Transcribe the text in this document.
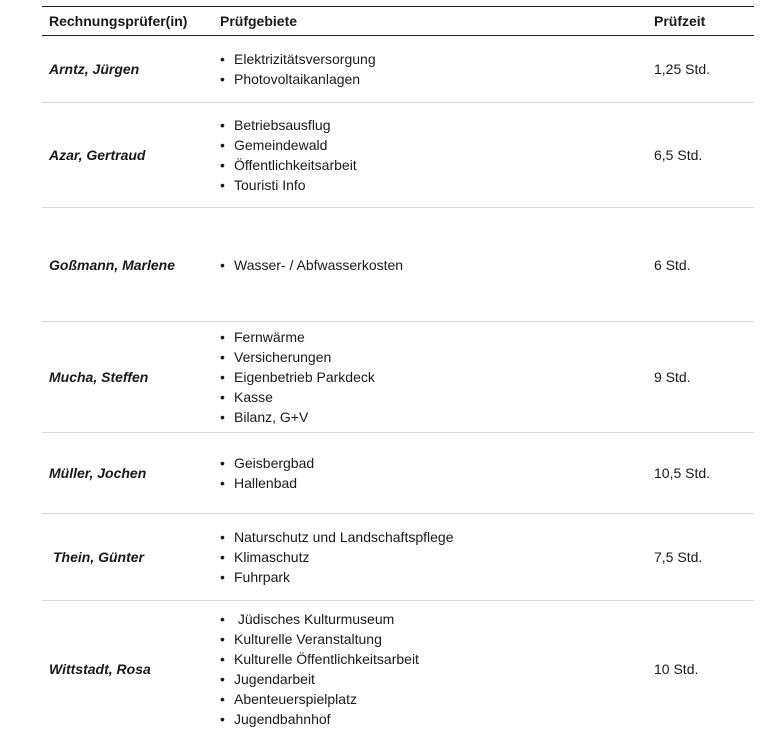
Rechnungsprüfer(in)	Prüfgebiete	Prüfzeit
Arntz, Jürgen
• Elektrizitätsversorgung
• Photovoltaikanlagen
1,25 Std.
Azar, Gertraud
• Betriebsausflug
• Gemeindewald
• Öffentlichkeitsarbeit
• Touristi Info
6,5 Std.
Goßmann, Marlene
•	Wasser- / Abfwasserkosten	6 Std.
Mucha, Steffen
• Fernwärme
• Versicherungen
• Eigenbetrieb Parkdeck
• Kasse
• Bilanz, G+V
9 Std.
Müller, Jochen
• Geisbergbad
• Hallenbad
10,5 Std.
Thein, Günter
• Naturschutz und Landschaftspflege
• Klimaschutz
• Fuhrpark
7,5 Std.
Wittstadt, Rosa
• Jüdisches Kulturmuseum
• Kulturelle Veranstaltung
• Kulturelle Öffentlichkeitsarbeit
• Jugendarbeit
• Abenteuerspielplatz
• Jugendbahnhof
10 Std.
